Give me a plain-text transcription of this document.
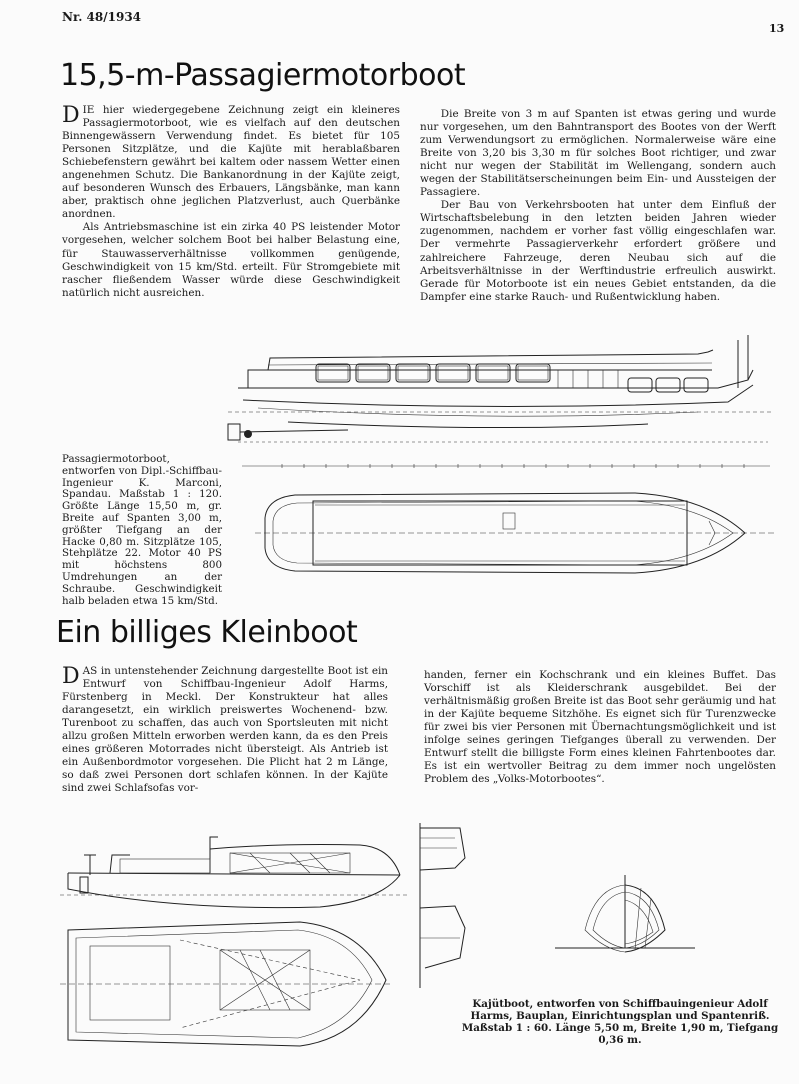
Nr. 48/1934
13
15,5-m-Passagiermotorboot
D IE hier wiedergegebene Zeichnung zeigt ein kleineres Passagiermotorboot, wie es vielfach auf den deutschen Binnengewässern Verwendung findet. Es bietet für 105 Personen Sitzplätze, und die Kajüte mit herablaßbaren Schiebefenstern gewährt bei kaltem oder nassem Wetter einen angenehmen Schutz. Die Bankanordnung in der Kajüte zeigt, auf besonderen Wunsch des Erbauers, Längsbänke, man kann aber, praktisch ohne jeglichen Platzverlust, auch Querbänke anordnen.

Als Antriebsmaschine ist ein zirka 40 PS leistender Motor vorgesehen, welcher solchem Boot bei halber Belastung eine, für Stauwasserverhältnisse vollkommen genügende, Geschwindigkeit von 15 km/Std. erteilt. Für Stromgebiete mit rascher fließendem Wasser würde diese Geschwindigkeit natürlich nicht ausreichen.

Die Breite von 3 m auf Spanten ist etwas gering und wurde nur vorgesehen, um den Bahntransport des Bootes von der Werft zum Verwendungsort zu ermöglichen. Normalerweise wäre eine Breite von 3,20 bis 3,30 m für solches Boot richtiger, und zwar nicht nur wegen der Stabilität im Wellengang, sondern auch wegen der Stabilitätserscheinungen beim Ein- und Aussteigen der Passagiere.

Der Bau von Verkehrsbooten hat unter dem Einfluß der Wirtschaftsbelebung in den letzten beiden Jahren wieder zugenommen, nachdem er vorher fast völlig eingeschlafen war. Der vermehrte Passagierverkehr erfordert größere und zahlreichere Fahrzeuge, deren Neubau sich auf die Arbeitsverhältnisse in der Werftindustrie erfreulich auswirkt. Gerade für Motorboote ist ein neues Gebiet entstanden, da die Dampfer eine starke Rauch- und Rußentwicklung haben.

Passagiermotorboot, entworfen von Dipl.-Schiffbau-Ingenieur K. Marconi, Spandau. Maßstab 1 : 120. Größte Länge 15,50 m, gr. Breite auf Spanten 3,00 m, größter Tiefgang an der Hacke 0,80 m. Sitzplätze 105, Stehplätze 22. Motor 40 PS mit höchstens 800 Umdrehungen an der Schraube. Geschwindigkeit halb beladen etwa 15 km/Std.
Ein billiges Kleinboot
D AS in untenstehender Zeichnung dargestellte Boot ist ein Entwurf von Schiffbau-Ingenieur Adolf Harms, Fürstenberg in Meckl. Der Konstrukteur hat alles darangesetzt, ein wirklich preiswertes Wochenend- bzw. Turenboot zu schaffen, das auch von Sportsleuten mit nicht allzu großen Mitteln erworben werden kann, da es den Preis eines größeren Motorrades nicht übersteigt. Als Antrieb ist ein Außenbordmotor vorgesehen. Die Plicht hat 2 m Länge, so daß zwei Personen dort schlafen können. In der Kajüte sind zwei Schlafsofas vor-

handen, ferner ein Kochschrank und ein kleines Buffet. Das Vorschiff ist als Kleiderschrank ausgebildet. Bei der verhältnismäßig großen Breite ist das Boot sehr geräumig und hat in der Kajüte bequeme Sitzhöhe. Es eignet sich für Turenzwecke für zwei bis vier Personen mit Übernachtungsmöglichkeit und ist infolge seines geringen Tiefganges überall zu verwenden. Der Entwurf stellt die billigste Form eines kleinen Fahrtenbootes dar. Es ist ein wertvoller Beitrag zu dem immer noch ungelösten Problem des „Volks-Motorbootes“.

Kajütboot, entworfen von Schiffbauingenieur Adolf Harms, Bauplan, Einrichtungsplan und Spantenriß. Maßstab 1 : 60. Länge 5,50 m, Breite 1,90 m, Tiefgang 0,36 m.
